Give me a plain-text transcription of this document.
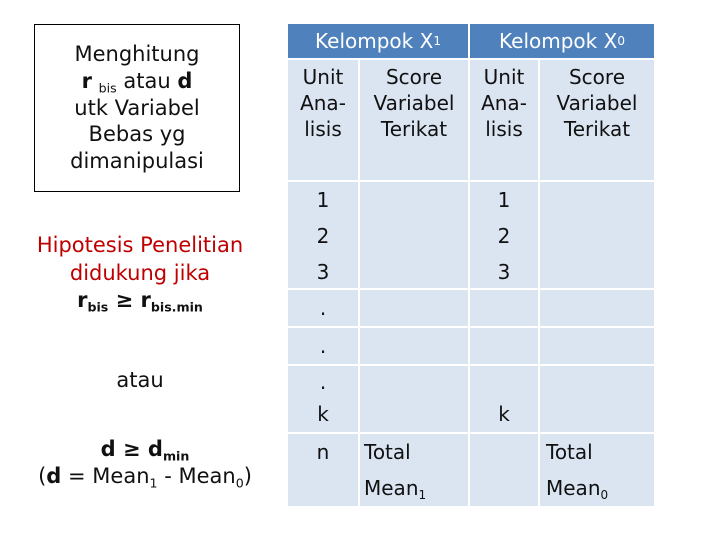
Menghitung
r $_{bis}$ atau d
utk Variabel
Bebas yg
dimanipulasi
Hipotesis Penelitian
didukung jika
$r_{bis} \ge r_{bis.min}$
atau
$d \ge d_{min}$
(d = Mean$_1$ - Mean$_0$)
Kelompok X 1	Kelompok X 0
Unit
Ana-
lisis
Score
Variabel
Terikat
Unit
Ana-
lisis
Score
Variabel
Terikat
1
2
3
.
.
.
k
n
1
2
3
k
Total
Mean$_1$
Total
Mean$_0$
